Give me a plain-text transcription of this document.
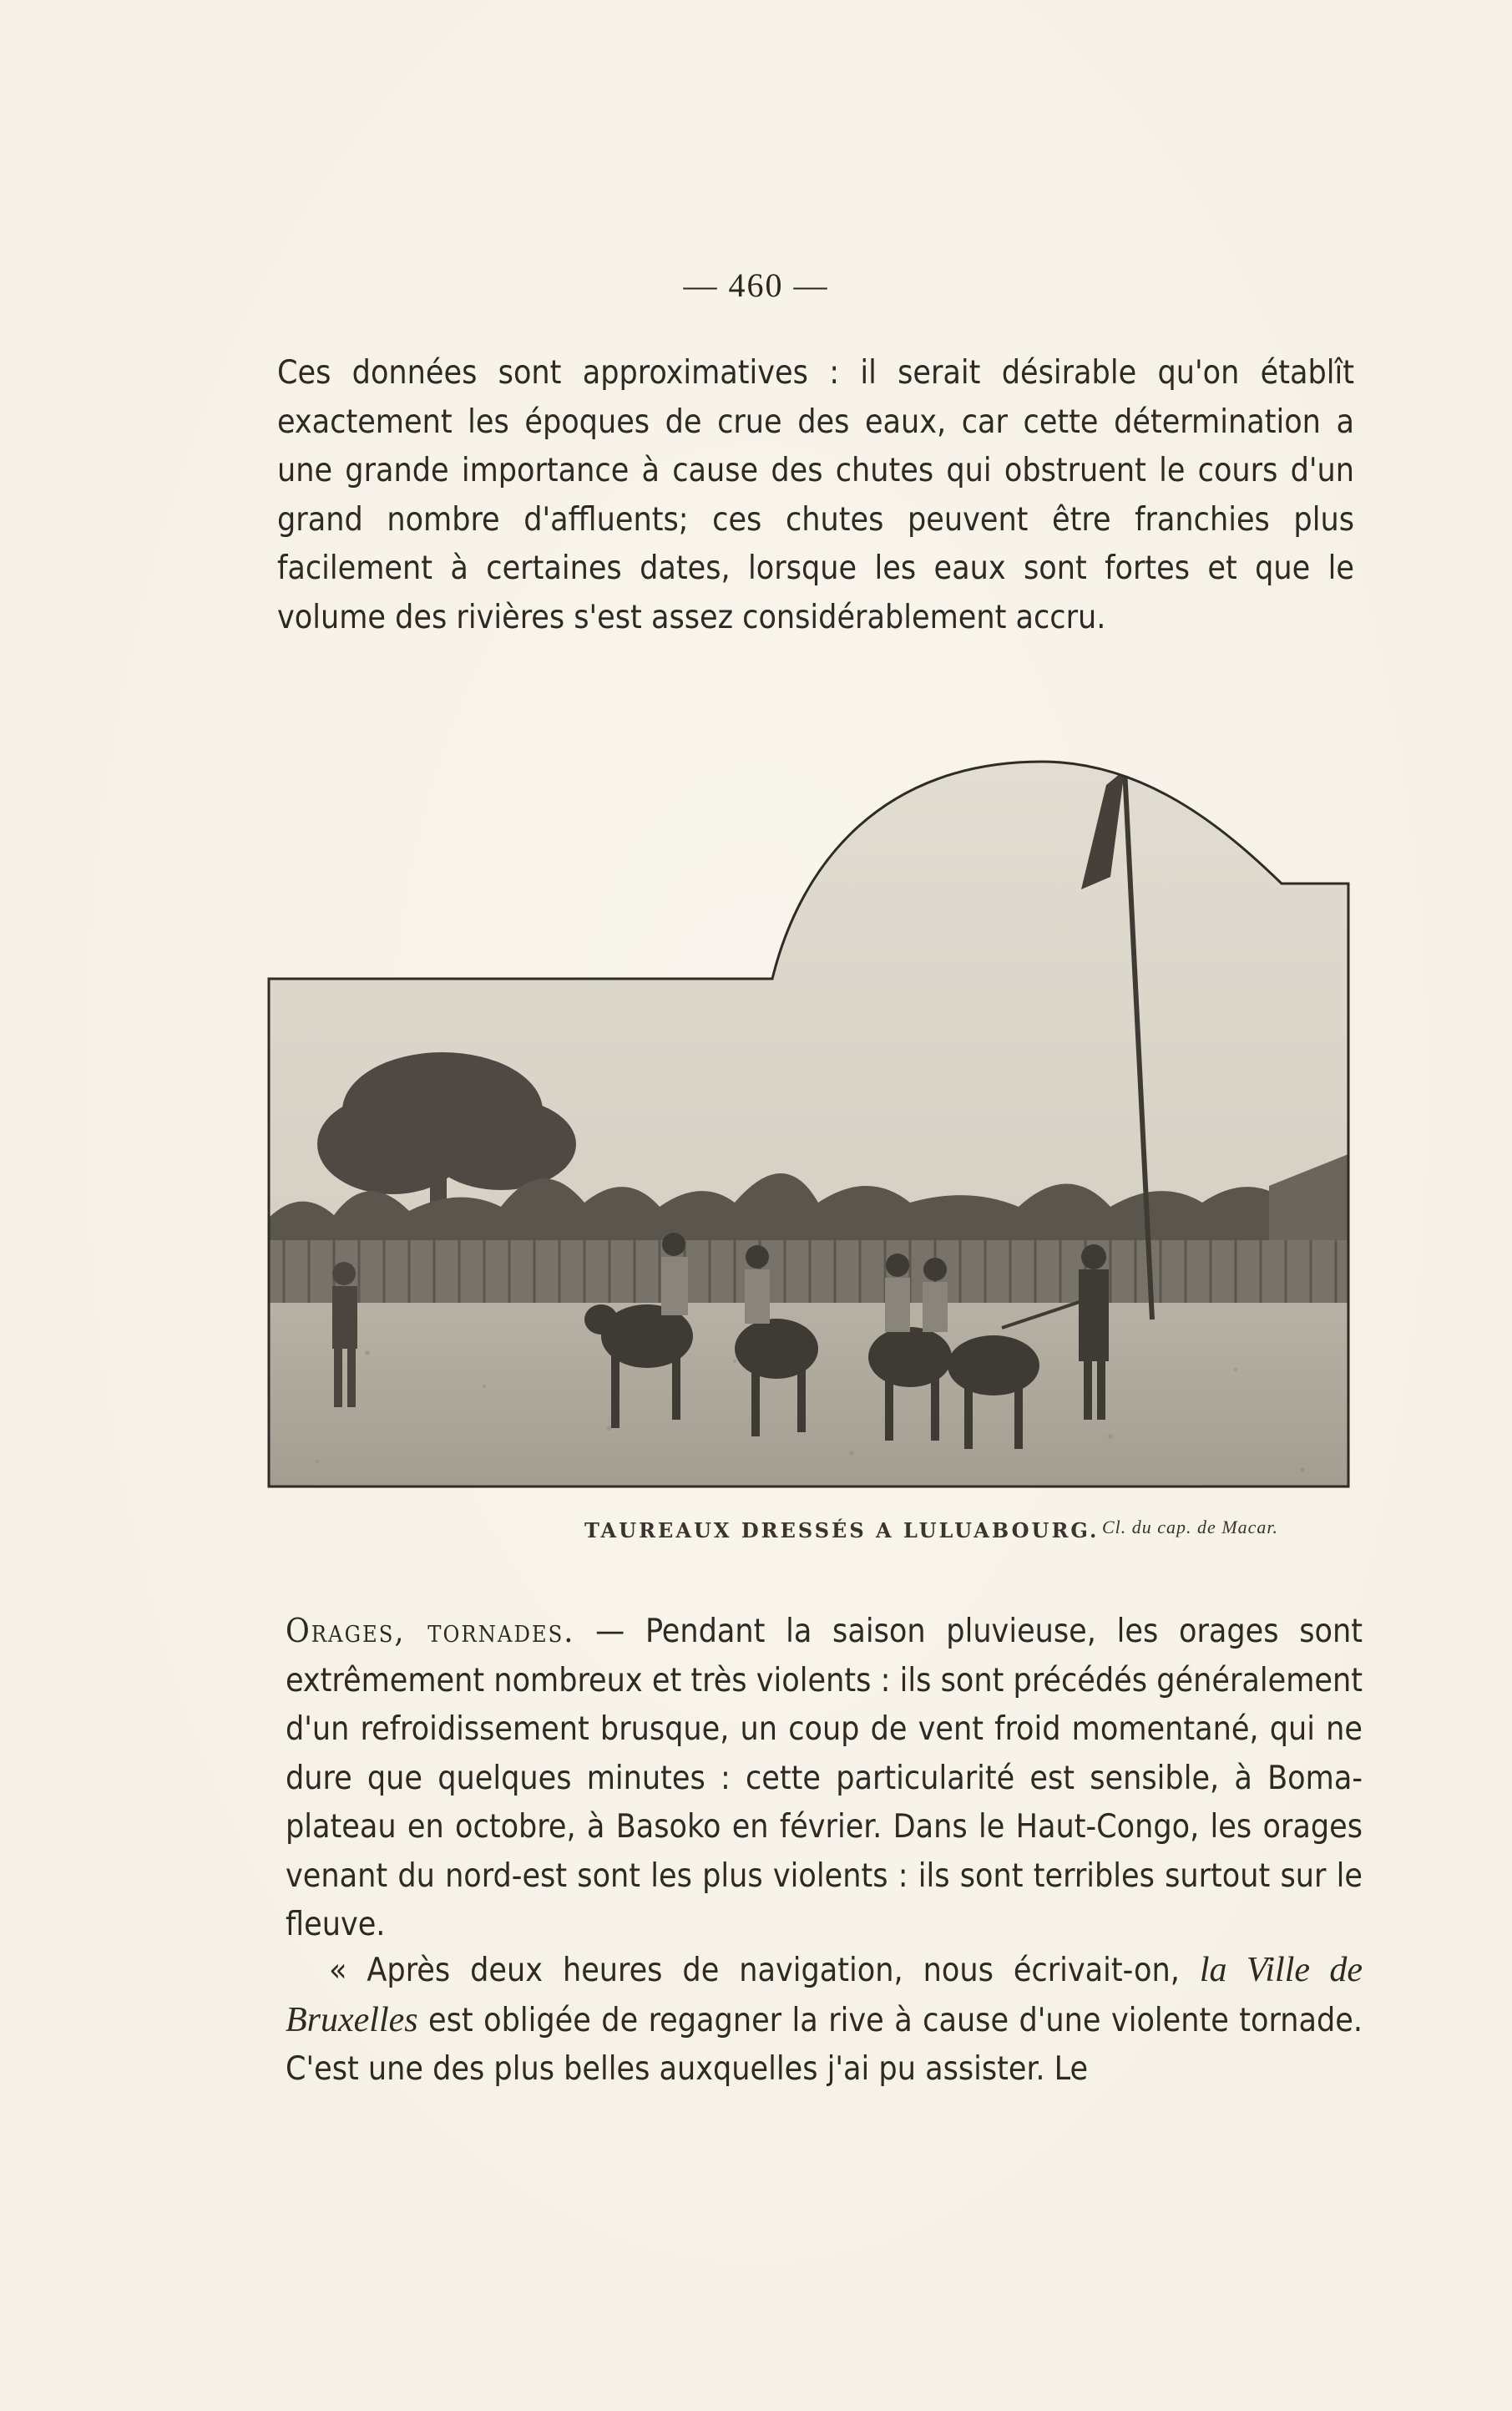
— 460 —

Ces données sont approximatives : il serait désirable qu'on établît exactement les époques de crue des eaux, car cette détermination a une grande importance à cause des chutes qui obstruent le cours d'un grand nombre d'affluents; ces chutes peuvent être franchies plus facilement à certaines dates, lorsque les eaux sont fortes et que le volume des rivières s'est assez considérablement accru.

TAUREAUX DRESSÉS A LULUABOURG. Cl. du cap. de Macar.

Orages, tornades. — Pendant la saison pluvieuse, les orages sont extrêmement nombreux et très violents : ils sont précédés généralement d'un refroidissement brusque, un coup de vent froid momentané, qui ne dure que quelques minutes : cette particularité est sensible, à Boma-plateau en octobre, à Basoko en février. Dans le Haut-Congo, les orages venant du nord-est sont les plus violents : ils sont terribles surtout sur le fleuve.

« Après deux heures de navigation, nous écrivait-on, la Ville de Bruxelles est obligée de regagner la rive à cause d'une violente tornade. C'est une des plus belles auxquelles j'ai pu assister. Le
